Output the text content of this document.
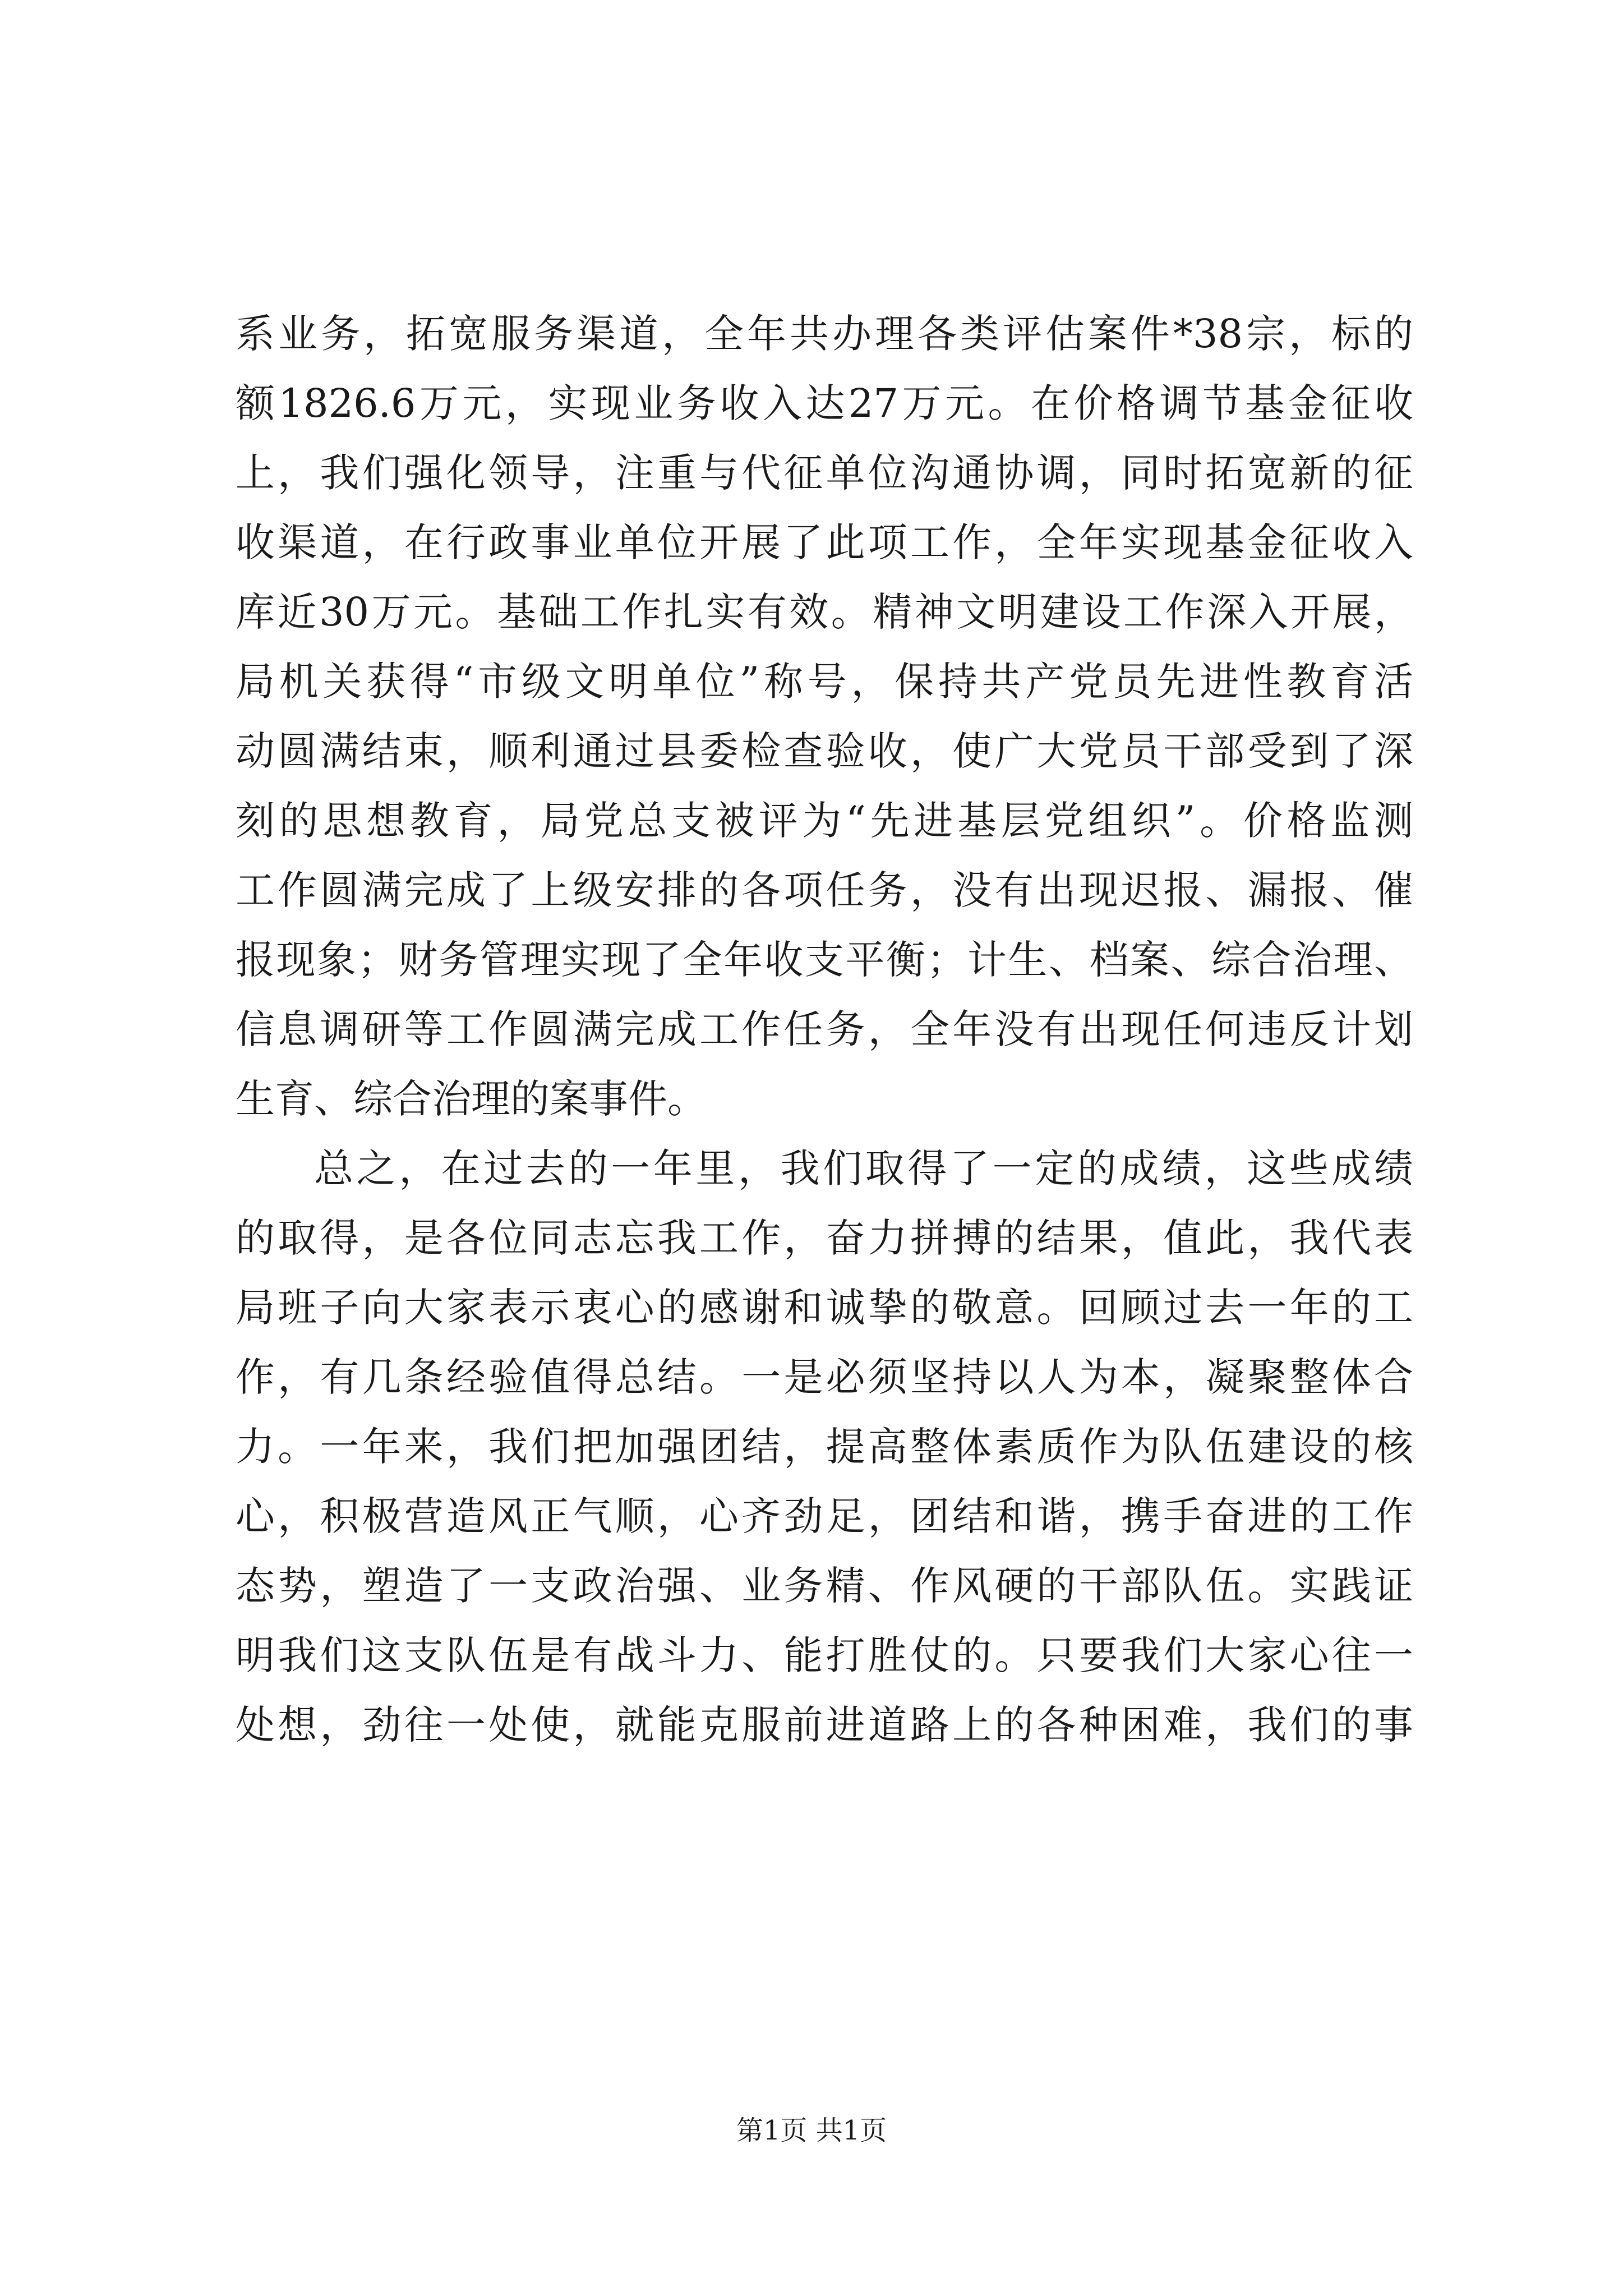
系业务，拓宽服务渠道，全年共办理各类评估案件*38宗，标的
额1826.6万元，实现业务收入达27万元。在价格调节基金征收
上，我们强化领导，注重与代征单位沟通协调，同时拓宽新的征
收渠道，在行政事业单位开展了此项工作，全年实现基金征收入
库近30万元。基础工作扎实有效。精神文明建设工作深入开展，
局机关获得“市级文明单位”称号，保持共产党员先进性教育活
动圆满结束，顺利通过县委检查验收，使广大党员干部受到了深
刻的思想教育，局党总支被评为“先进基层党组织”。价格监测
工作圆满完成了上级安排的各项任务，没有出现迟报、漏报、催
报现象；财务管理实现了全年收支平衡；计生、档案、综合治理、
信息调研等工作圆满完成工作任务，全年没有出现任何违反计划
生育、综合治理的案事件。
总之，在过去的一年里，我们取得了一定的成绩，这些成绩
的取得，是各位同志忘我工作，奋力拼搏的结果，值此，我代表
局班子向大家表示衷心的感谢和诚挚的敬意。回顾过去一年的工
作，有几条经验值得总结。一是必须坚持以人为本，凝聚整体合
力。一年来，我们把加强团结，提高整体素质作为队伍建设的核
心，积极营造风正气顺，心齐劲足，团结和谐，携手奋进的工作
态势，塑造了一支政治强、业务精、作风硬的干部队伍。实践证
明我们这支队伍是有战斗力、能打胜仗的。只要我们大家心往一
处想，劲往一处使，就能克服前进道路上的各种困难，我们的事
第1页 共1页
